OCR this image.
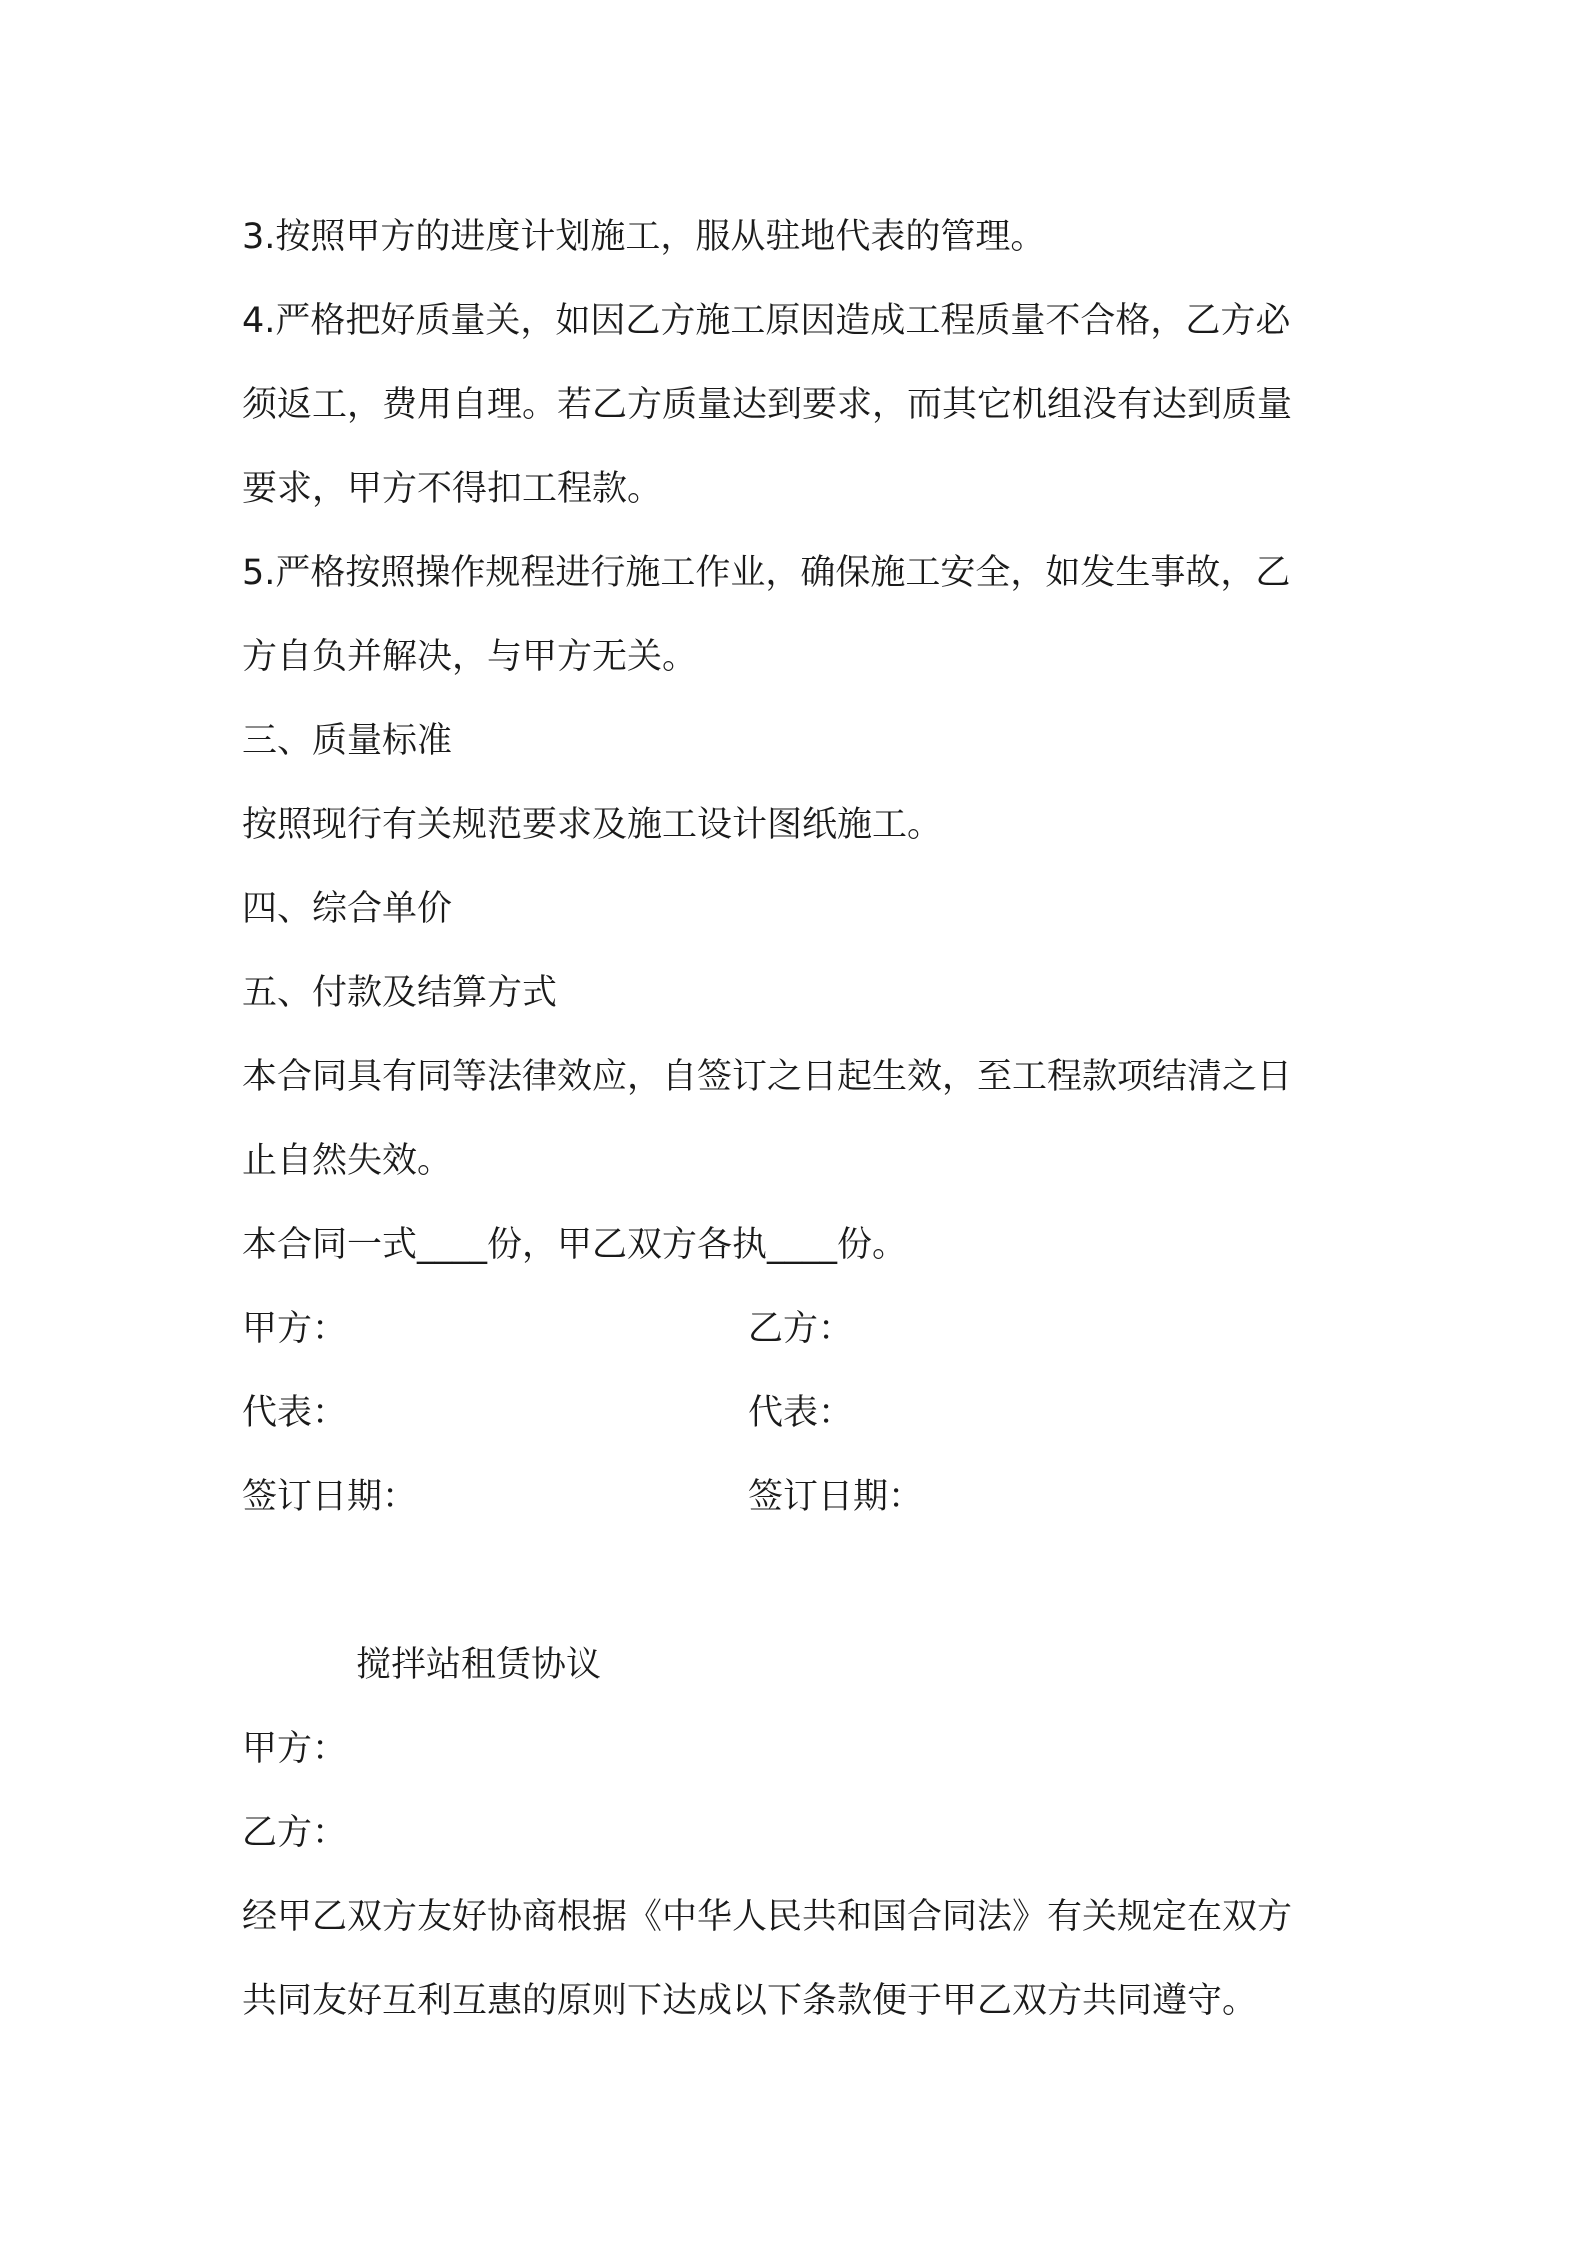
3.按照甲方的进度计划施工，服从驻地代表的管理。

4.严格把好质量关，如因乙方施工原因造成工程质量不合格，乙方必

须返工，费用自理。若乙方质量达到要求，而其它机组没有达到质量

要求，甲方不得扣工程款。

5.严格按照操作规程进行施工作业，确保施工安全，如发生事故，乙

方自负并解决，与甲方无关。

三、质量标准

按照现行有关规范要求及施工设计图纸施工。

四、综合单价

五、付款及结算方式

本合同具有同等法律效应，自签订之日起生效，至工程款项结清之日

止自然失效。

本合同一式____份，甲乙双方各执____份。

甲方：	乙方：
代表：	代表：
签订日期：	签订日期：

搅拌站租赁协议

甲方：

乙方：

经甲乙双方友好协商根据《中华人民共和国合同法》有关规定在双方

共同友好互利互惠的原则下达成以下条款便于甲乙双方共同遵守。
